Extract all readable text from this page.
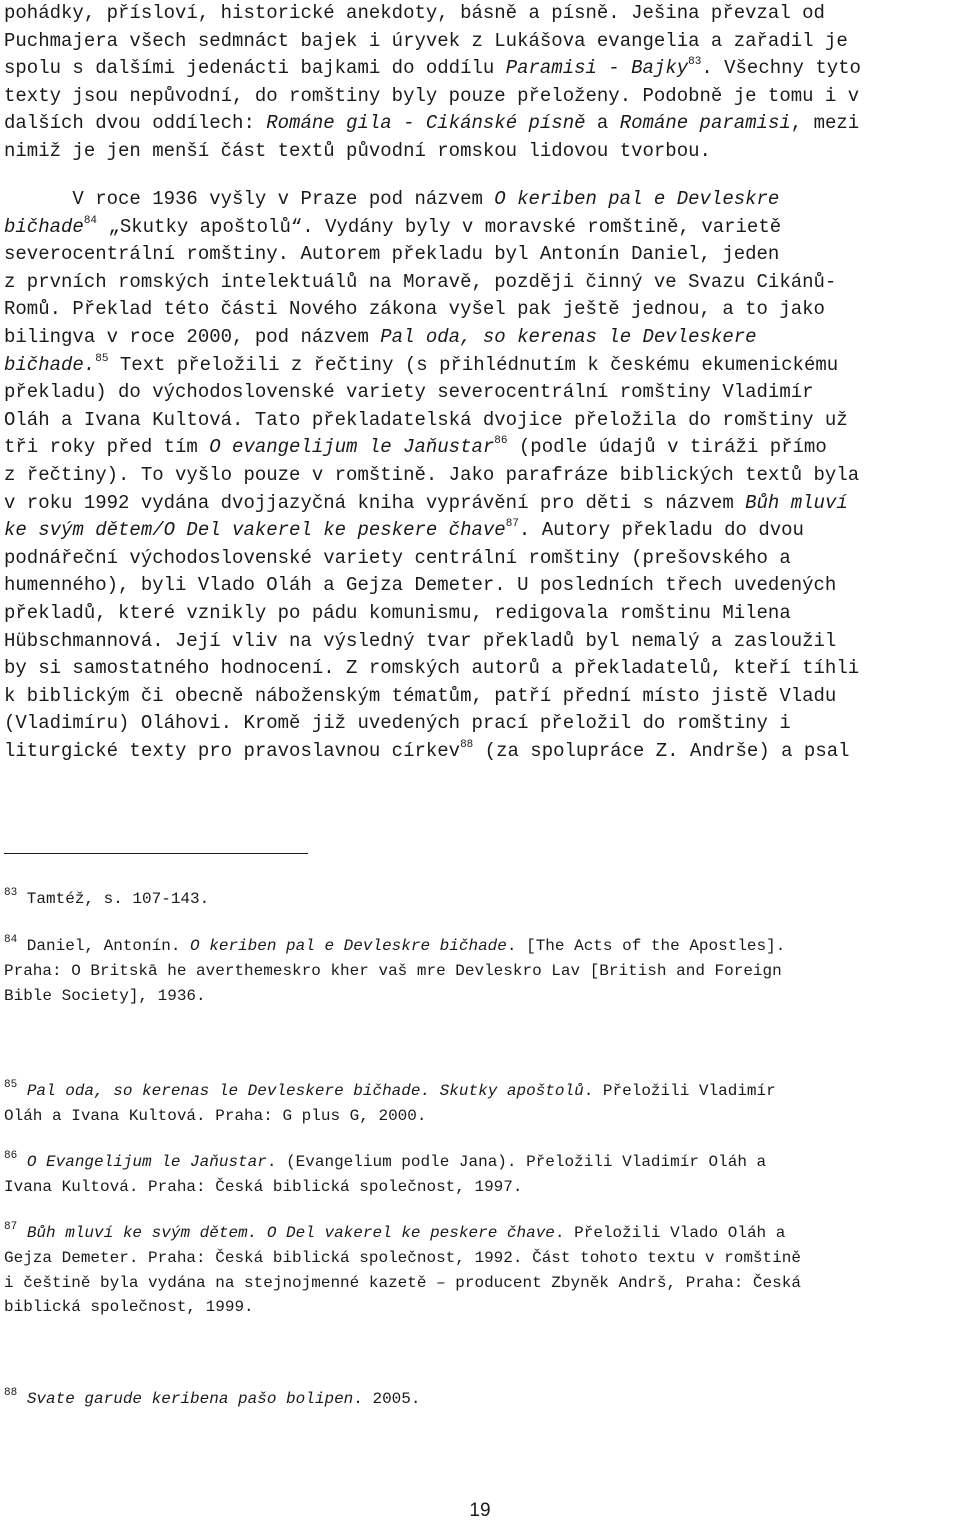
pohádky, přísloví, historické anekdoty, básně a písně. Ješina převzal od
Puchmajera všech sedmnáct bajek i úryvek z Lukášova evangelia a zařadil je
spolu s dalšími jedenácti bajkami do oddílu Paramisi - Bajky$^{83}$. Všechny tyto
texty jsou nepůvodní, do romštiny byly pouze přeloženy. Podobně je tomu i v
dalších dvou oddílech: Románe gila - Cikánské písně a Románe paramisi, mezi
nimiž je jen menší část textů původní romskou lidovou tvorbou.
V roce 1936 vyšly v Praze pod názvem O keriben pal e Devleskre
bičhade$^{84}$ „Skutky apoštolů“. Vydány byly v moravské romštině, varietě
severocentrální romštiny. Autorem překladu byl Antonín Daniel, jeden
z prvních romských intelektuálů na Moravě, později činný ve Svazu Cikánů-
Romů. Překlad této části Nového zákona vyšel pak ještě jednou, a to jako
bilingva v roce 2000, pod názvem Pal oda, so kerenas le Devleskere
bičhade.$^{85}$ Text přeložili z řečtiny (s přihlédnutím k českému ekumenickému
překladu) do východoslovenské variety severocentrální romštiny Vladimír
Oláh a Ivana Kultová. Tato překladatelská dvojice přeložila do romštiny už
tři roky před tím O evangelijum le Jaňustar$^{86}$ (podle údajů v tiráži přímo
z řečtiny). To vyšlo pouze v romštině. Jako parafráze biblických textů byla
v roku 1992 vydána dvojjazyčná kniha vyprávění pro děti s názvem Bůh mluví
ke svým dětem/O Del vakerel ke peskere čhave$^{87}$. Autory překladu do dvou
podnářeční východoslovenské variety centrální romštiny (prešovského a
humenného), byli Vlado Oláh a Gejza Demeter. U posledních třech uvedených
překladů, které vznikly po pádu komunismu, redigovala romštinu Milena
Hübschmannová. Její vliv na výsledný tvar překladů byl nemalý a zasloužil
by si samostatného hodnocení. Z romských autorů a překladatelů, kteří tíhli
k biblickým či obecně náboženským tématům, patří přední místo jistě Vladu
(Vladimíru) Oláhovi. Kromě již uvedených prací přeložil do romštiny i
liturgické texty pro pravoslavnou církev$^{88}$ (za spolupráce Z. Andrše) a psal
$^{83}$ Tamtéž, s. 107-143.
$^{84}$ Daniel, Antonín. O keriben pal e Devleskre bičhade. [The Acts of the Apostles].
Praha: O Britskā he averthemeskro kher vaš mre Devleskro Lav [British and Foreign
Bible Society], 1936.
$^{85}$ Pal oda, so kerenas le Devleskere bičhade. Skutky apoštolů. Přeložili Vladimír
Oláh a Ivana Kultová. Praha: G plus G, 2000.
$^{86}$ O Evangelijum le Jaňustar. (Evangelium podle Jana). Přeložili Vladimír Oláh a
Ivana Kultová. Praha: Česká biblická společnost, 1997.
$^{87}$ Bůh mluví ke svým dětem. O Del vakerel ke peskere čhave. Přeložili Vlado Oláh a
Gejza Demeter. Praha: Česká biblická společnost, 1992. Část tohoto textu v romštině
i češtině byla vydána na stejnojmenné kazetě – producent Zbyněk Andrš, Praha: Česká
biblická společnost, 1999.
$^{88}$ Svate garude keribena pašo bolipen. 2005.
19
